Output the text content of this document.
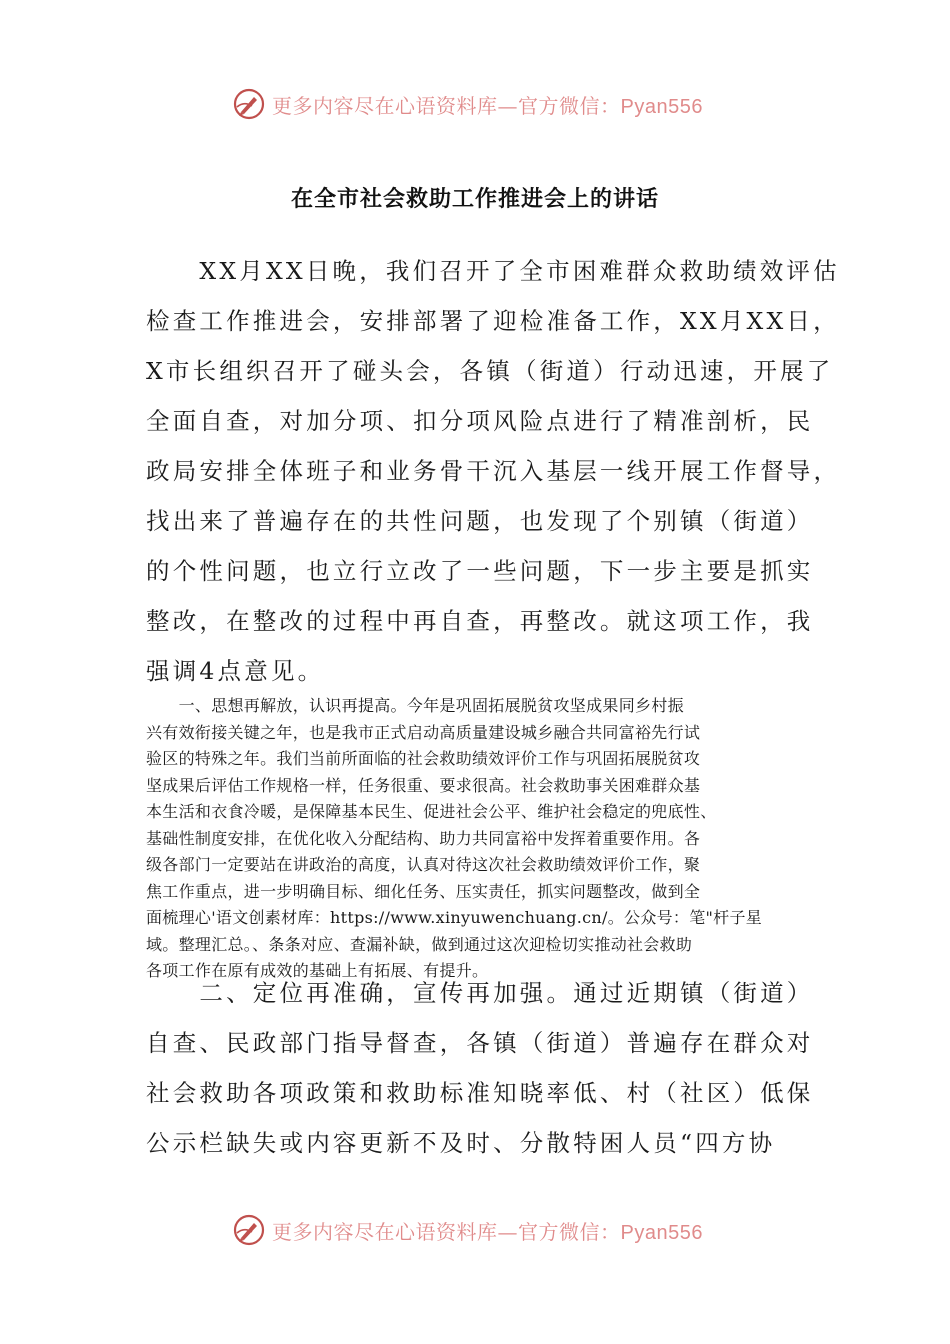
更多内容尽在心语资料库—官方微信：Pyan556
在全市社会救助工作推进会上的讲话
　　XX月XX日晚，我们召开了全市困难群众救助绩效评估
检查工作推进会，安排部署了迎检准备工作，XX月XX日，
X市长组织召开了碰头会，各镇（街道）行动迅速，开展了
全面自查，对加分项、扣分项风险点进行了精准剖析，民
政局安排全体班子和业务骨干沉入基层一线开展工作督导，
找出来了普遍存在的共性问题，也发现了个别镇（街道）
的个性问题，也立行立改了一些问题，下一步主要是抓实
整改，在整改的过程中再自查，再整改。就这项工作，我
强调4点意见。
　　一、思想再解放，认识再提高。今年是巩固拓展脱贫攻坚成果同乡村振
兴有效衔接关键之年，也是我市正式启动高质量建设城乡融合共同富裕先行试
验区的特殊之年。我们当前所面临的社会救助绩效评价工作与巩固拓展脱贫攻
坚成果后评估工作规格一样，任务很重、要求很高。社会救助事关困难群众基
本生活和衣食冷暖，是保障基本民生、促进社会公平、维护社会稳定的兜底性、
基础性制度安排，在优化收入分配结构、助力共同富裕中发挥着重要作用。各
级各部门一定要站在讲政治的高度，认真对待这次社会救助绩效评价工作，聚
焦工作重点，进一步明确目标、细化任务、压实责任，抓实问题整改，做到全
面梳理心'语文创素材库：https://www.xinyuwenchuang.cn/。公众号：笔"杆子星
域。整理汇总。、条条对应、查漏补缺，做到通过这次迎检切实推动社会救助
各项工作在原有成效的基础上有拓展、有提升。
　　二、定位再准确，宣传再加强。通过近期镇（街道）
自查、民政部门指导督查，各镇（街道）普遍存在群众对
社会救助各项政策和救助标准知晓率低、村（社区）低保
公示栏缺失或内容更新不及时、分散特困人员“四方协
更多内容尽在心语资料库—官方微信：Pyan556
